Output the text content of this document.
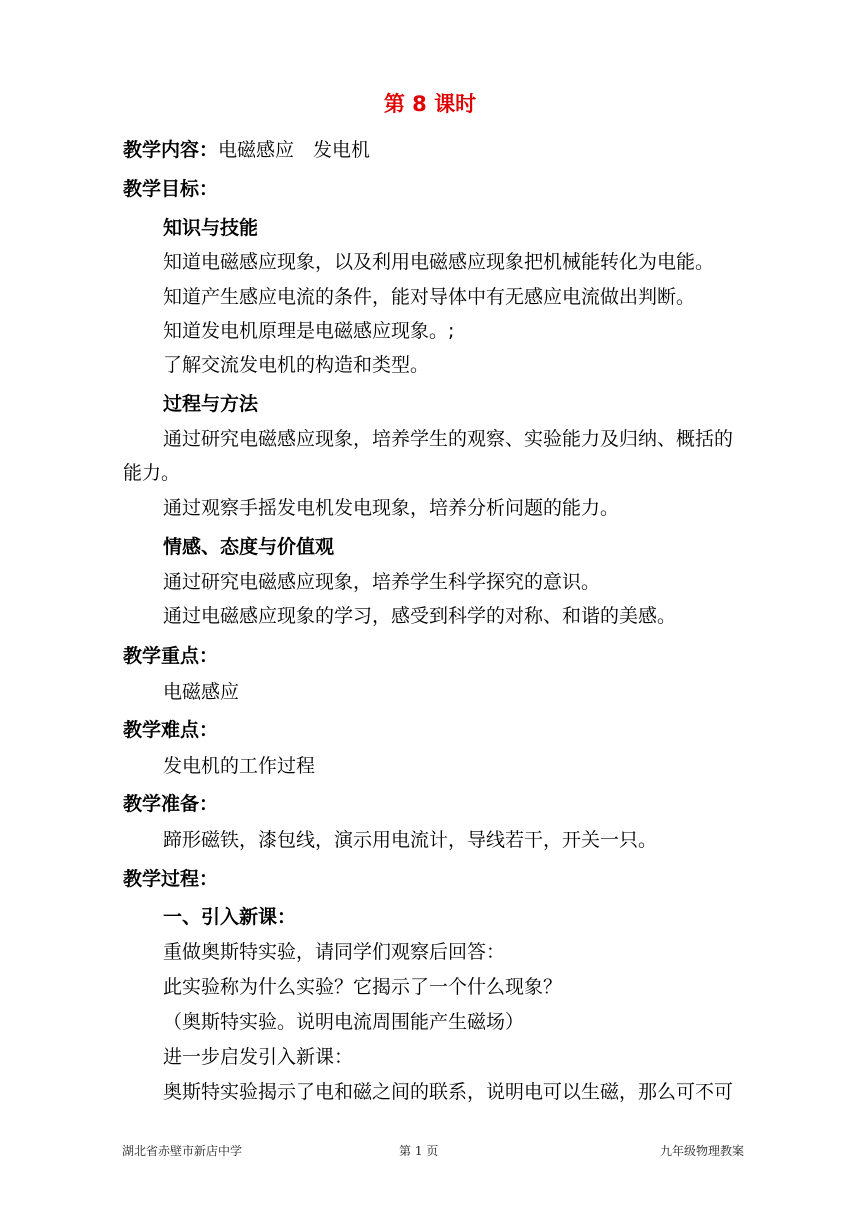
第 8 课时
教学内容：电磁感应　发电机
教学目标：
知识与技能
知道电磁感应现象，以及利用电磁感应现象把机械能转化为电能。
知道产生感应电流的条件，能对导体中有无感应电流做出判断。
知道发电机原理是电磁感应现象。;
了解交流发电机的构造和类型。
过程与方法
通过研究电磁感应现象，培养学生的观察、实验能力及归纳、概括的
能力。
通过观察手摇发电机发电现象，培养分析问题的能力。
情感、态度与价值观
通过研究电磁感应现象，培养学生科学探究的意识。
通过电磁感应现象的学习，感受到科学的对称、和谐的美感。
教学重点：
电磁感应
教学难点：
发电机的工作过程
教学准备：
蹄形磁铁，漆包线，演示用电流计，导线若干，开关一只。
教学过程：
一、引入新课：
重做奥斯特实验，请同学们观察后回答：
此实验称为什么实验？它揭示了一个什么现象？
（奥斯特实验。说明电流周围能产生磁场）
进一步启发引入新课：
奥斯特实验揭示了电和磁之间的联系，说明电可以生磁，那么可不可
湖北省赤壁市新店中学	第 1 页	九年级物理教案
